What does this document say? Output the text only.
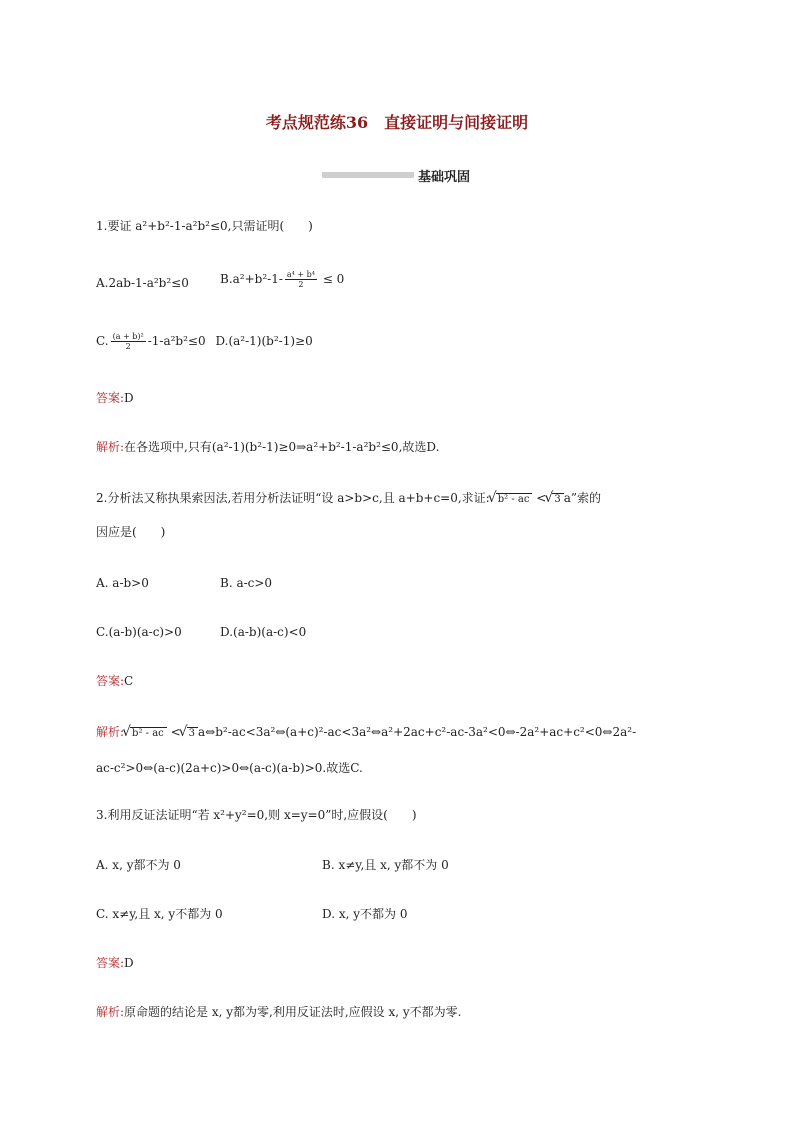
考点规范练36　直接证明与间接证明
基础巩固
1.要证 a²+b²-1-a²b²≤0,只需证明(　　)
A.2ab-1-a²b²≤0	$B.a^2+b^2-1- \frac{\text{a⁴ + b⁴}}{2} \le 0$
C. $\frac{\text{(a + b)²}}{2} -1-a^2b^2\le 0$ D.(a²-1)(b²-1)≥0
答案:D
解析:在各选项中,只有(a²-1)(b²-1)≥0⇒a²+b²-1-a²b²≤0,故选D.
2.分析法又称执果索因法,若用分析法证明“设 a>b>c,且 a+b+c=0,求证: √ b² - ac < √ 3 a”索的
因应是(　　)
A. a-b>0	B. a-c>0
C.(a-b)(a-c)>0	D.(a-b)(a-c)<0
答案:C
解析: √ b² - ac < √ 3 a⇔b²-ac<3a²⇔(a+c)²-ac<3a²⇔a²+2ac+c²-ac-3a²<0⇔-2a²+ac+c²<0⇔2a²-
ac-c²>0⇔(a-c)(2a+c)>0⇔(a-c)(a-b)>0.故选C.
3.利用反证法证明“若 x²+y²=0,则 x=y=0”时,应假设(　　)
A. x, y都不为 0	B. x≠y,且 x, y都不为 0
C. x≠y,且 x, y不都为 0	D. x, y不都为 0
答案:D
解析:原命题的结论是 x, y都为零,利用反证法时,应假设 x, y不都为零.
